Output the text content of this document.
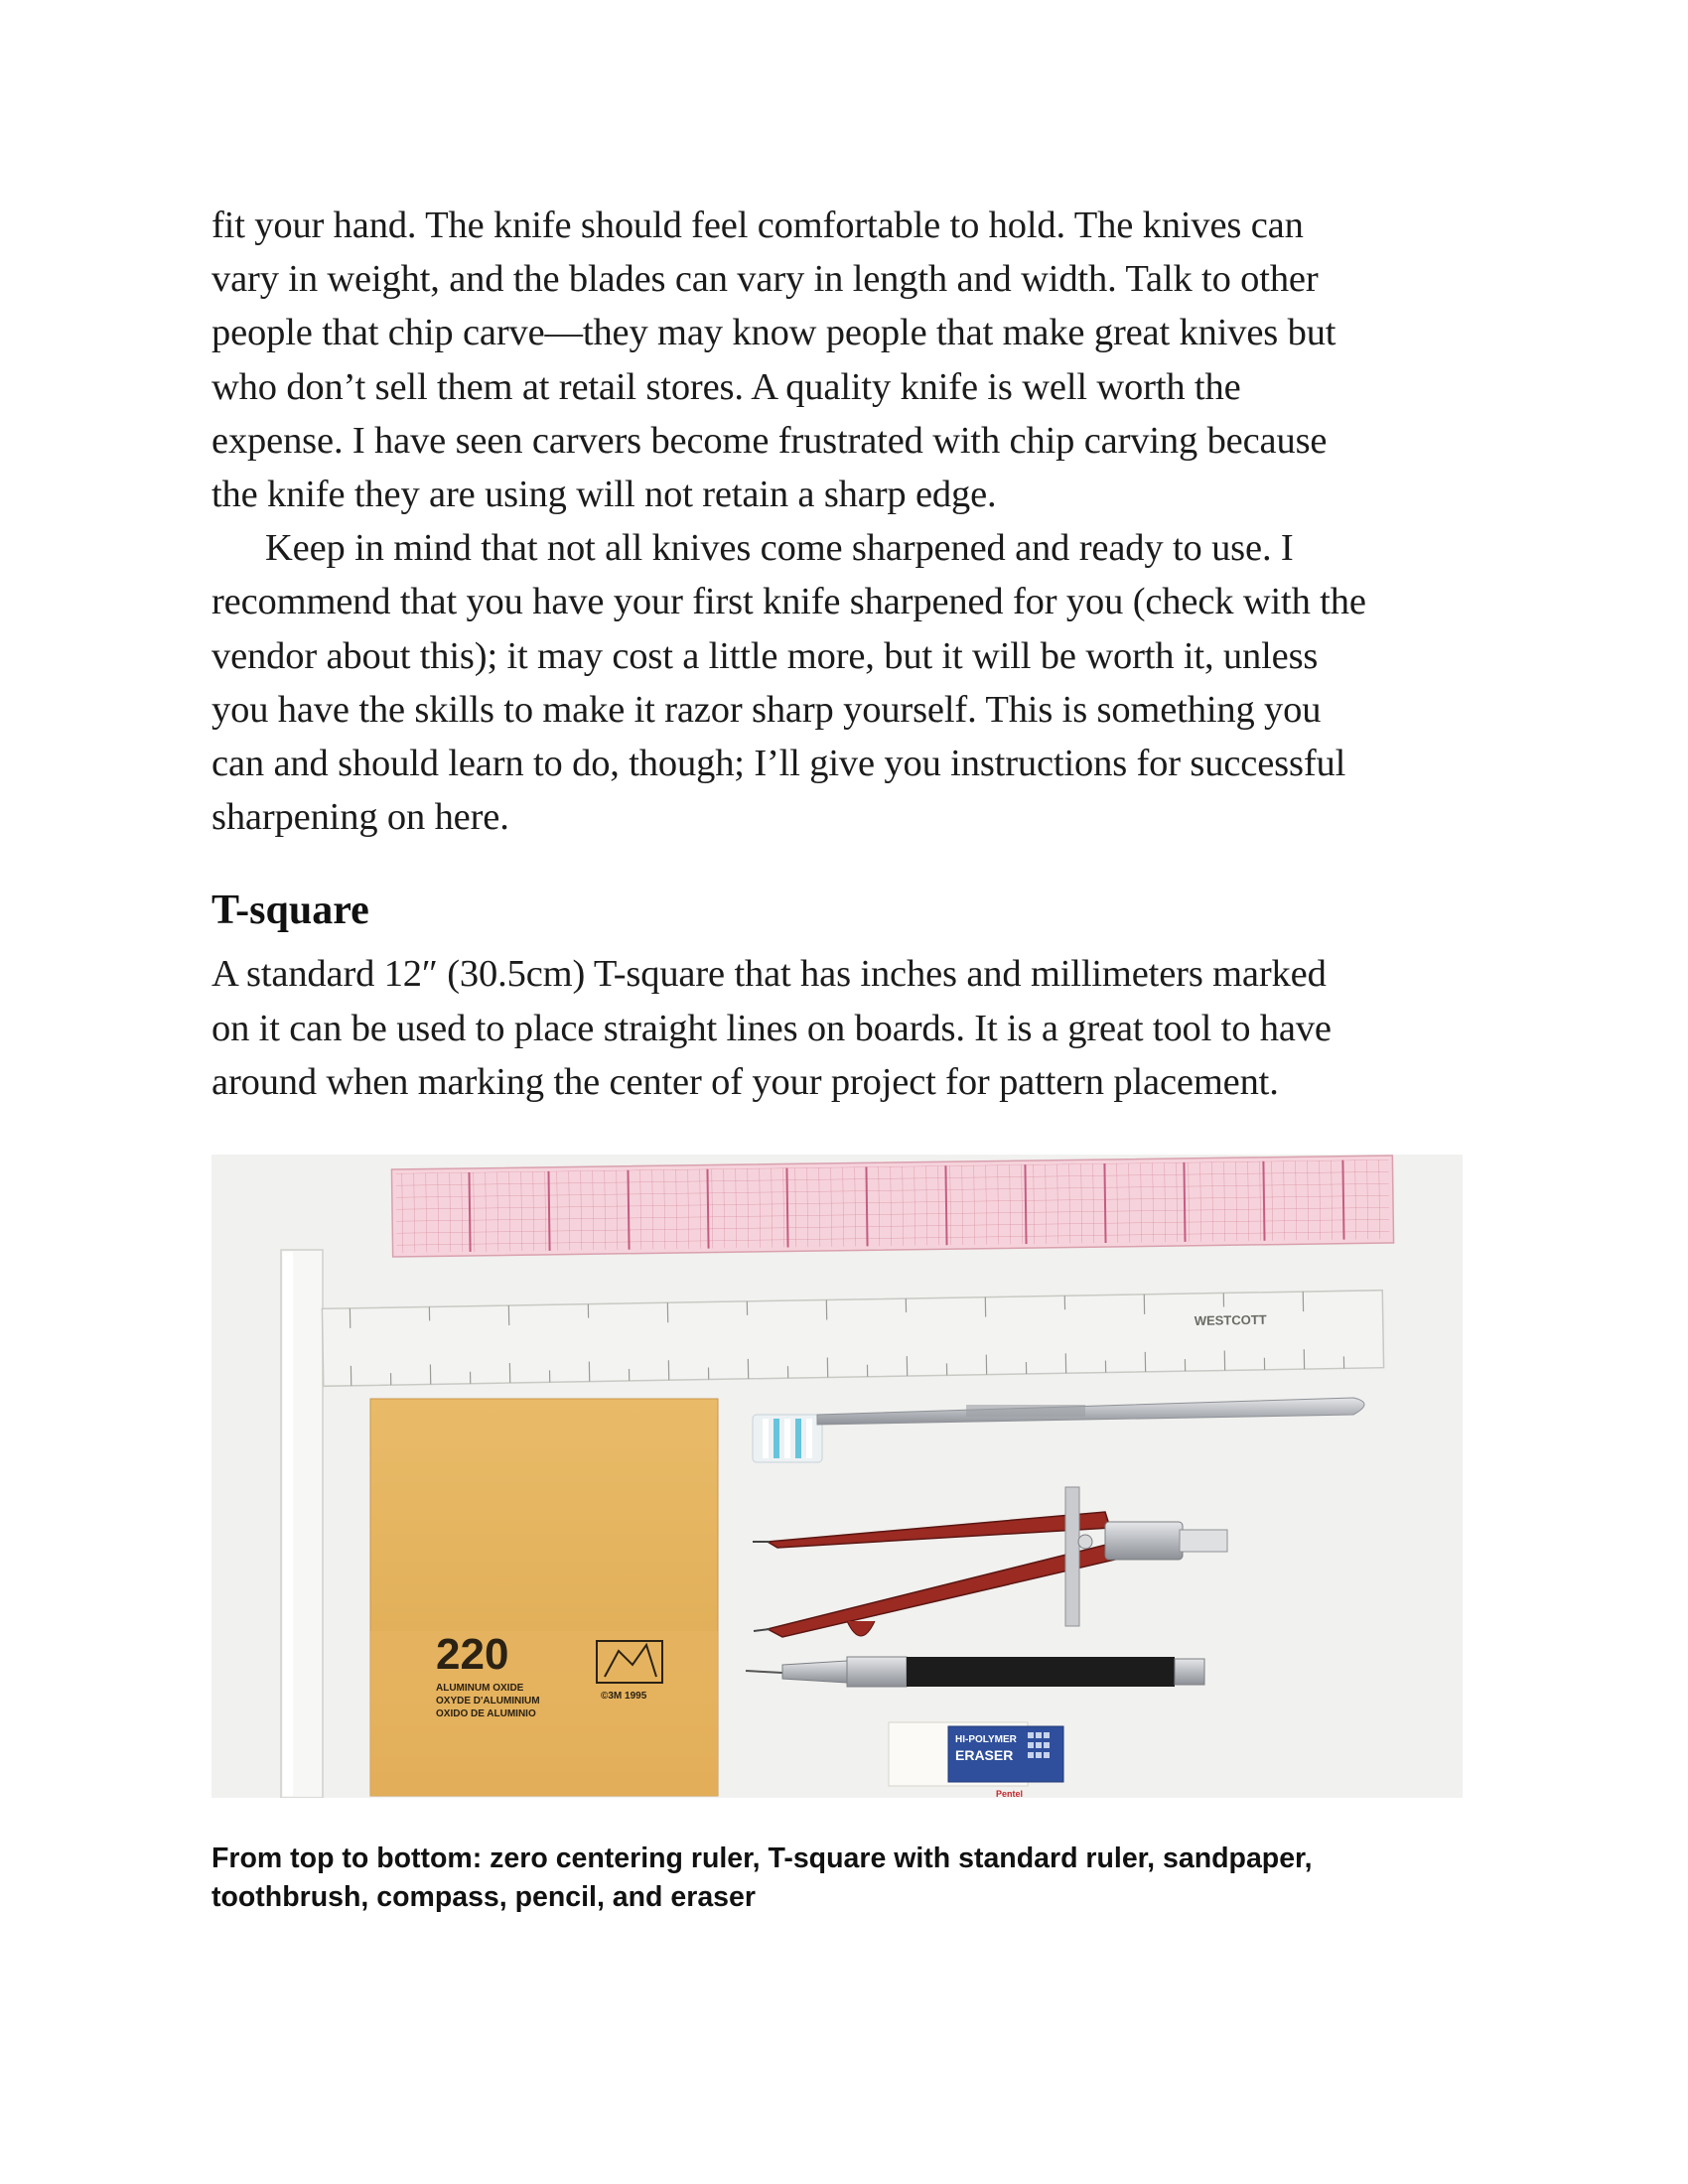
fit your hand. The knife should feel comfortable to hold. The knives can
vary in weight, and the blades can vary in length and width. Talk to other
people that chip carve—they may know people that make great knives but
who don’t sell them at retail stores. A quality knife is well worth the
expense. I have seen carvers become frustrated with chip carving because
the knife they are using will not retain a sharp edge.

Keep in mind that not all knives come sharpened and ready to use. I
recommend that you have your first knife sharpened for you (check with the
vendor about this); it may cost a little more, but it will be worth it, unless
you have the skills to make it razor sharp yourself. This is something you
can and should learn to do, though; I’ll give you instructions for successful
sharpening on here.

T-square

A standard 12″ (30.5cm) T-square that has inches and millimeters marked
on it can be used to place straight lines on boards. It is a great tool to have
around when marking the center of your project for pattern placement.

WESTCOTT
220
ALUMINUM OXIDE
OXYDE D'ALUMINIUM
OXIDO DE ALUMINIO
©3M 1995
HI-POLYMER
ERASER
Pentel
From top to bottom: zero centering ruler, T-square with standard ruler, sandpaper,
toothbrush, compass, pencil, and eraser
